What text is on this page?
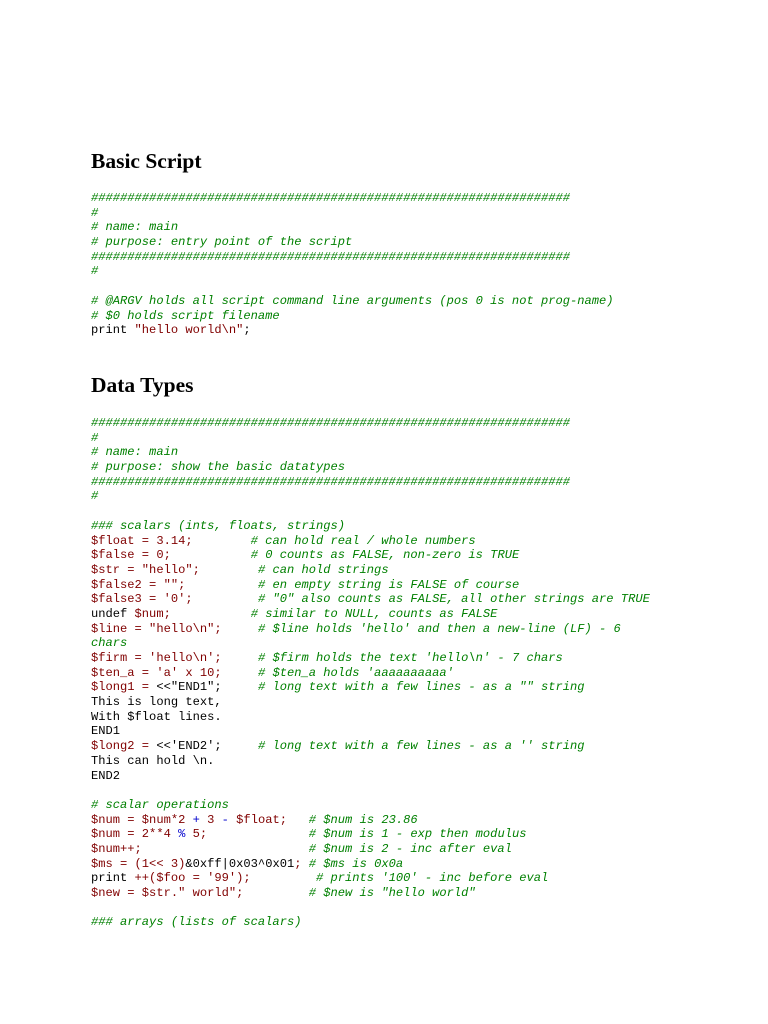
Basic Script
##################################################################
#
# name: main
# purpose: entry point of the script
##################################################################
#
# @ARGV holds all script command line arguments (pos 0 is not prog-name)
# $0 holds script filename
print "hello world\n";
Data Types
##################################################################
#
# name: main
# purpose: show the basic datatypes
##################################################################
#
### scalars (ints, floats, strings)
$float = 3.14;	# can hold real / whole numbers
$false = 0;	# 0 counts as FALSE, non-zero is TRUE
$str = "hello";	# can hold strings
$false2 = "";	# en empty string is FALSE of course
$false3 = '0';	# "0" also counts as FALSE, all other strings are TRUE
undef $num;	# similar to NULL, counts as FALSE
$line = "hello\n";	# $line holds 'hello' and then a new-line (LF) - 6
chars
$firm = 'hello\n';	# $firm holds the text 'hello\n' - 7 chars
$ten_a = 'a' x 10;	# $ten_a holds 'aaaaaaaaaa'
$long1 = <<"END1";	# long text with a few lines - as a "" string
This is long text,
With $float lines.
END1
$long2 = <<'END2';	# long text with a few lines - as a '' string
This can hold \n.
END2
# scalar operations
$num = $num*2 + 3 - $float; # $num is 23.86
$num = 2**4 % 5;	# $num is 1 - exp then modulus
$num++;	# $num is 2 - inc after eval
$ms = (1<< 3)&0xff|0x03^0x01; # $ms is 0x0a
print ++($foo = '99');	# prints '100' - inc before eval
$new = $str." world";	# $new is "hello world"
### arrays (lists of scalars)
